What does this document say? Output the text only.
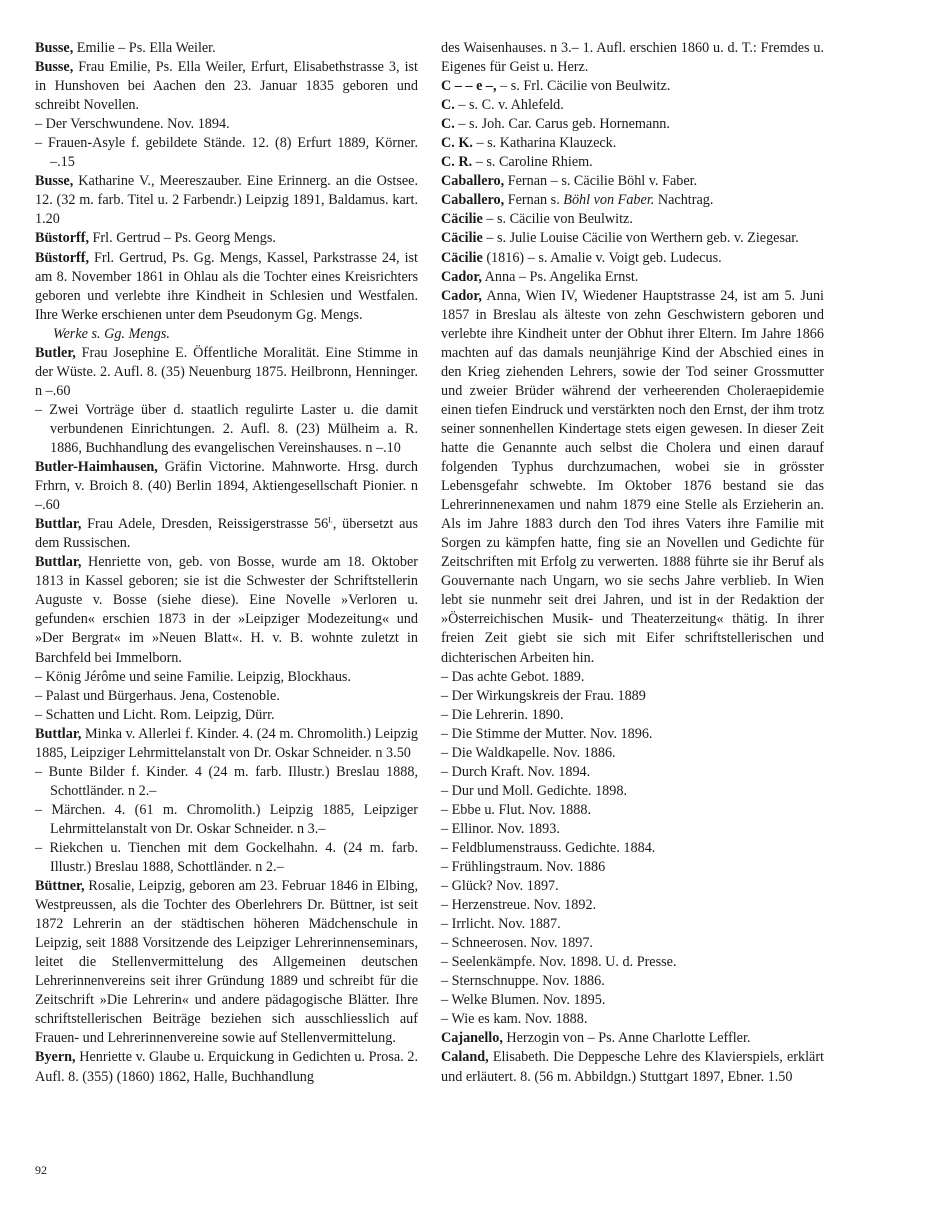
Busse, Emilie – Ps. Ella Weiler.

Busse, Frau Emilie, Ps. Ella Weiler, Erfurt, Elisabethstrasse 3, ist in Hunshoven bei Aachen den 23. Januar 1835 geboren und schreibt Novellen.

– Der Verschwundene. Nov. 1894.

– Frauen-Asyle f. gebildete Stände. 12. (8) Erfurt 1889, Körner. –.15

Busse, Katharine V., Meereszauber. Eine Erinnerg. an die Ostsee. 12. (32 m. farb. Titel u. 2 Farbendr.) Leipzig 1891, Baldamus. kart. 1.20

Büstorff, Frl. Gertrud – Ps. Georg Mengs.

Büstorff, Frl. Gertrud, Ps. Gg. Mengs, Kassel, Parkstrasse 24, ist am 8. November 1861 in Ohlau als die Tochter eines Kreisrichters geboren und verlebte ihre Kindheit in Schlesien und Westfalen. Ihre Werke erschienen unter dem Pseudonym Gg. Mengs.

Werke s. Gg. Mengs.

Butler, Frau Josephine E. Öffentliche Moralität. Eine Stimme in der Wüste. 2. Aufl. 8. (35) Neuenburg 1875. Heilbronn, Henninger. n –.60

– Zwei Vorträge über d. staatlich regulirte Laster u. die damit verbundenen Einrichtungen. 2. Aufl. 8. (23) Mülheim a. R. 1886, Buchhandlung des evangelischen Vereinshauses. n –.10

Butler-Haimhausen, Gräfin Victorine. Mahnworte. Hrsg. durch Frhrn, v. Broich 8. (40) Berlin 1894, Aktiengesellschaft Pionier. n –.60

Buttlar, Frau Adele, Dresden, Reissigerstrasse $56^{I.}$, übersetzt aus dem Russischen.

Buttlar, Henriette von, geb. von Bosse, wurde am 18. Oktober 1813 in Kassel geboren; sie ist die Schwester der Schriftstellerin Auguste v. Bosse (siehe diese). Eine Novelle »Verloren u. gefunden« erschien 1873 in der »Leipziger Modezeitung« und »Der Bergrat« im »Neuen Blatt«. H. v. B. wohnte zuletzt in Barchfeld bei Immelborn.

– König Jérôme und seine Familie. Leipzig, Blockhaus.

– Palast und Bürgerhaus. Jena, Costenoble.

– Schatten und Licht. Rom. Leipzig, Dürr.

Buttlar, Minka v. Allerlei f. Kinder. 4. (24 m. Chromolith.) Leipzig 1885, Leipziger Lehrmittelanstalt von Dr. Oskar Schneider. n 3.50

– Bunte Bilder f. Kinder. 4 (24 m. farb. Illustr.) Breslau 1888, Schottländer. n 2.–

– Märchen. 4. (61 m. Chromolith.) Leipzig 1885, Leipziger Lehrmittelanstalt von Dr. Oskar Schneider. n 3.–

– Riekchen u. Tienchen mit dem Gockelhahn. 4. (24 m. farb. Illustr.) Breslau 1888, Schottländer. n 2.–

Büttner, Rosalie, Leipzig, geboren am 23. Februar 1846 in Elbing, Westpreussen, als die Tochter des Oberlehrers Dr. Büttner, ist seit 1872 Lehrerin an der städtischen höheren Mädchenschule in Leipzig, seit 1888 Vorsitzende des Leipziger Lehrerinnenseminars, leitet die Stellenvermittelung des Allgemeinen deutschen Lehrerinnenvereins seit ihrer Gründung 1889 und schreibt für die Zeitschrift »Die Lehrerin« und andere pädagogische Blätter. Ihre schriftstellerischen Beiträge beziehen sich ausschliesslich auf Frauen- und Lehrerinnenvereine sowie auf Stellenvermittelung.

Byern, Henriette v. Glaube u. Erquickung in Gedichten u. Prosa. 2. Aufl. 8. (355) (1860) 1862, Halle, Buchhandlung

des Waisenhauses. n 3.– 1. Aufl. erschien 1860 u. d. T.: Fremdes u. Eigenes für Geist u. Herz.

C – – e –, – s. Frl. Cäcilie von Beulwitz.

C. – s. C. v. Ahlefeld.

C. – s. Joh. Car. Carus geb. Hornemann.

C. K. – s. Katharina Klauzeck.

C. R. – s. Caroline Rhiem.

Caballero, Fernan – s. Cäcilie Böhl v. Faber.

Caballero, Fernan s. Böhl von Faber. Nachtrag.

Cäcilie – s. Cäcilie von Beulwitz.

Cäcilie – s. Julie Louise Cäcilie von Werthern geb. v. Ziegesar.

Cäcilie (1816) – s. Amalie v. Voigt geb. Ludecus.

Cador, Anna – Ps. Angelika Ernst.

Cador, Anna, Wien IV, Wiedener Hauptstrasse 24, ist am 5. Juni 1857 in Breslau als älteste von zehn Geschwistern geboren und verlebte ihre Kindheit unter der Obhut ihrer Eltern. Im Jahre 1866 machten auf das damals neunjährige Kind der Abschied eines in den Krieg ziehenden Lehrers, sowie der Tod seiner Grossmutter und zweier Brüder während der verheerenden Choleraepidemie einen tiefen Eindruck und verstärkten noch den Ernst, der ihm trotz seiner sonnenhellen Kindertage stets eigen gewesen. In dieser Zeit hatte die Genannte auch selbst die Cholera und einen darauf folgenden Typhus durchzumachen, wobei sie in grösster Lebensgefahr schwebte. Im Oktober 1876 bestand sie das Lehrerinnenexamen und nahm 1879 eine Stelle als Erzieherin an. Als im Jahre 1883 durch den Tod ihres Vaters ihre Familie mit Sorgen zu kämpfen hatte, fing sie an Novellen und Gedichte für Zeitschriften mit Erfolg zu verwerten. 1888 führte sie ihr Beruf als Gouvernante nach Ungarn, wo sie sechs Jahre verblieb. In Wien lebt sie nunmehr seit drei Jahren, und ist in der Redaktion der »Österreichischen Musik- und Theaterzeitung« thätig. In ihrer freien Zeit giebt sie sich mit Eifer schriftstellerischen und dichterischen Arbeiten hin.

– Das achte Gebot. 1889.

– Der Wirkungskreis der Frau. 1889

– Die Lehrerin. 1890.

– Die Stimme der Mutter. Nov. 1896.

– Die Waldkapelle. Nov. 1886.

– Durch Kraft. Nov. 1894.

– Dur und Moll. Gedichte. 1898.

– Ebbe u. Flut. Nov. 1888.

– Ellinor. Nov. 1893.

– Feldblumenstrauss. Gedichte. 1884.

– Frühlingstraum. Nov. 1886

– Glück? Nov. 1897.

– Herzenstreue. Nov. 1892.

– Irrlicht. Nov. 1887.

– Schneerosen. Nov. 1897.

– Seelenkämpfe. Nov. 1898. U. d. Presse.

– Sternschnuppe. Nov. 1886.

– Welke Blumen. Nov. 1895.

– Wie es kam. Nov. 1888.

Cajanello, Herzogin von – Ps. Anne Charlotte Leffler.

Caland, Elisabeth. Die Deppesche Lehre des Klavierspiels, erklärt und erläutert. 8. (56 m. Abbildgn.) Stuttgart 1897, Ebner. 1.50

92
